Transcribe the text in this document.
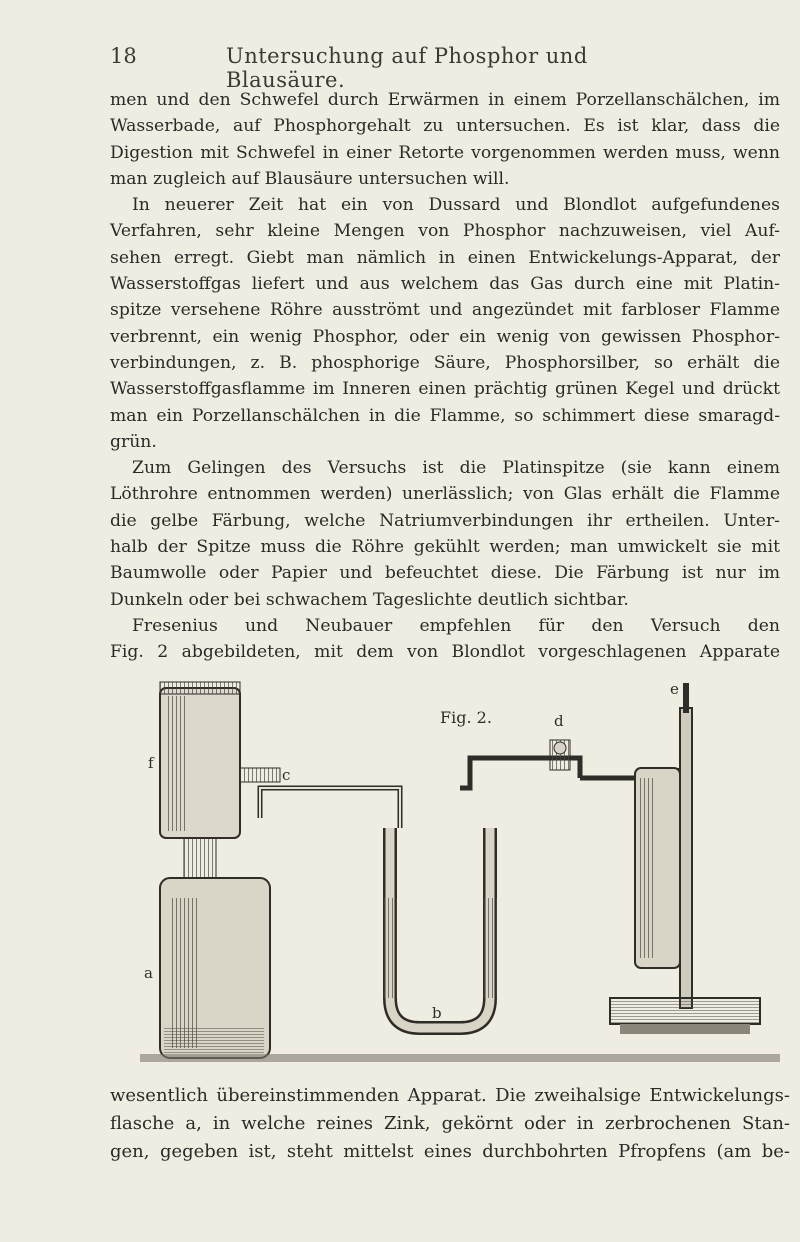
18	Untersuchung auf Phosphor und Blausäure.
men und den Schwefel durch Erwärmen in einem Porzellanschälchen, im
Wasserbade, auf Phosphorgehalt zu untersuchen. Es ist klar, dass die
Digestion mit Schwefel in einer Retorte vorgenommen werden muss, wenn
man zugleich auf Blausäure untersuchen will.
In neuerer Zeit hat ein von Dussard und Blondlot aufgefundenes
Verfahren, sehr kleine Mengen von Phosphor nachzuweisen, viel Auf-
sehen erregt. Giebt man nämlich in einen Entwickelungs-Apparat, der
Wasserstoffgas liefert und aus welchem das Gas durch eine mit Platin-
spitze versehene Röhre ausströmt und angezündet mit farbloser Flamme
verbrennt, ein wenig Phosphor, oder ein wenig von gewissen Phosphor-
verbindungen, z. B. phosphorige Säure, Phosphorsilber, so erhält die
Wasserstoffgasflamme im Inneren einen prächtig grünen Kegel und drückt
man ein Porzellanschälchen in die Flamme, so schimmert diese smaragd-
grün.
Zum Gelingen des Versuchs ist die Platinspitze (sie kann einem
Löthrohre entnommen werden) unerlässlich; von Glas erhält die Flamme
die gelbe Färbung, welche Natriumverbindungen ihr ertheilen. Unter-
halb der Spitze muss die Röhre gekühlt werden; man umwickelt sie mit
Baumwolle oder Papier und befeuchtet diese. Die Färbung ist nur im
Dunkeln oder bei schwachem Tageslichte deutlich sichtbar.
Fresenius und Neubauer empfehlen für den Versuch den
Fig. 2 abgebildeten, mit dem von Blondlot vorgeschlagenen Apparate
Fig. 2.
f
a
c
b
d
e
wesentlich übereinstimmenden Apparat. Die zweihalsige Entwickelungs-
flasche a, in welche reines Zink, gekörnt oder in zerbrochenen Stan-
gen, gegeben ist, steht mittelst eines durchbohrten Pfropfens (am be-
